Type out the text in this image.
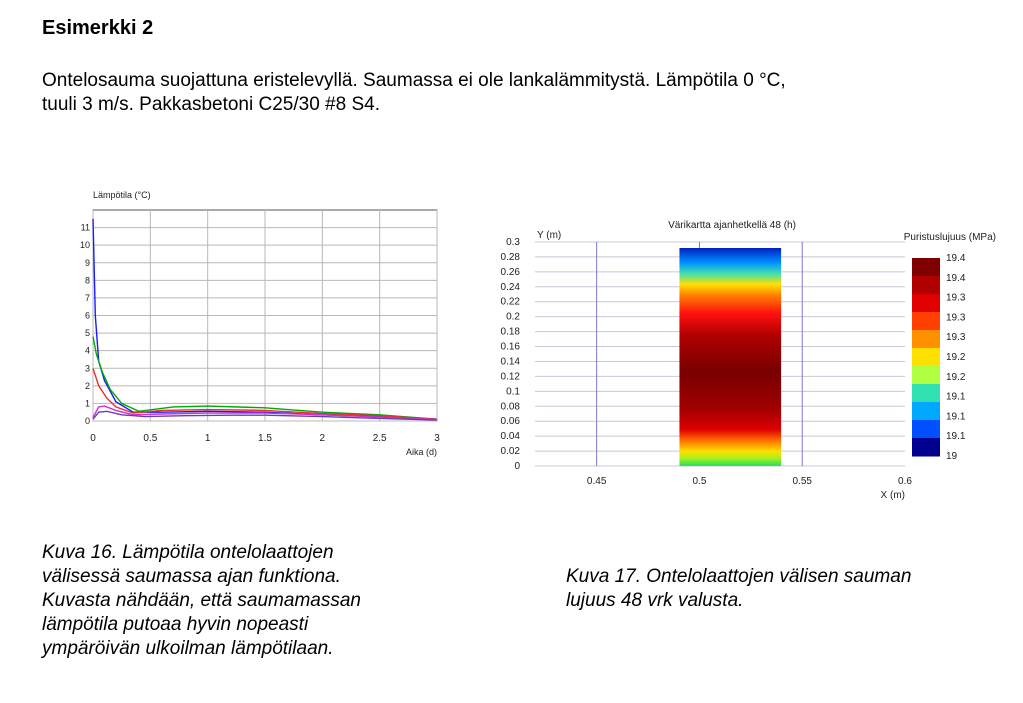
Esimerkki 2

Ontelosauma suojattuna eristelevyllä. Saumassa ei ole lankalämmitystä. Lämpötila 0 °C,
tuuli 3 m/s. Pakkasbetoni C25/30 #8 S4.

0	0.5	1	1.5	2	2.5	3
0
1
2
3
4
5
6
7
8
9
10
11
Lämpötila (°C)
Aika (d)
0
0.02
0.04
0.06
0.08
0.1
0.12
0.14
0.16
0.18
0.2
0.22
0.24
0.26
0.28
0.3
0.45	0.5	0.55	0.6
Värikartta ajanhetkellä 48 (h)
Y (m)
X (m)
Puristuslujuus (MPa)
19.4
19.4
19.3
19.3
19.3
19.2
19.2
19.1
19.1
19.1
19

Kuva 16. Lämpötila ontelolaattojen
välisessä saumassa ajan funktiona.
Kuvasta nähdään, että saumamassan
lämpötila putoaa hyvin nopeasti
ympäröivän ulkoilman lämpötilaan.

Kuva 17. Ontelolaattojen välisen sauman
lujuus 48 vrk valusta.
